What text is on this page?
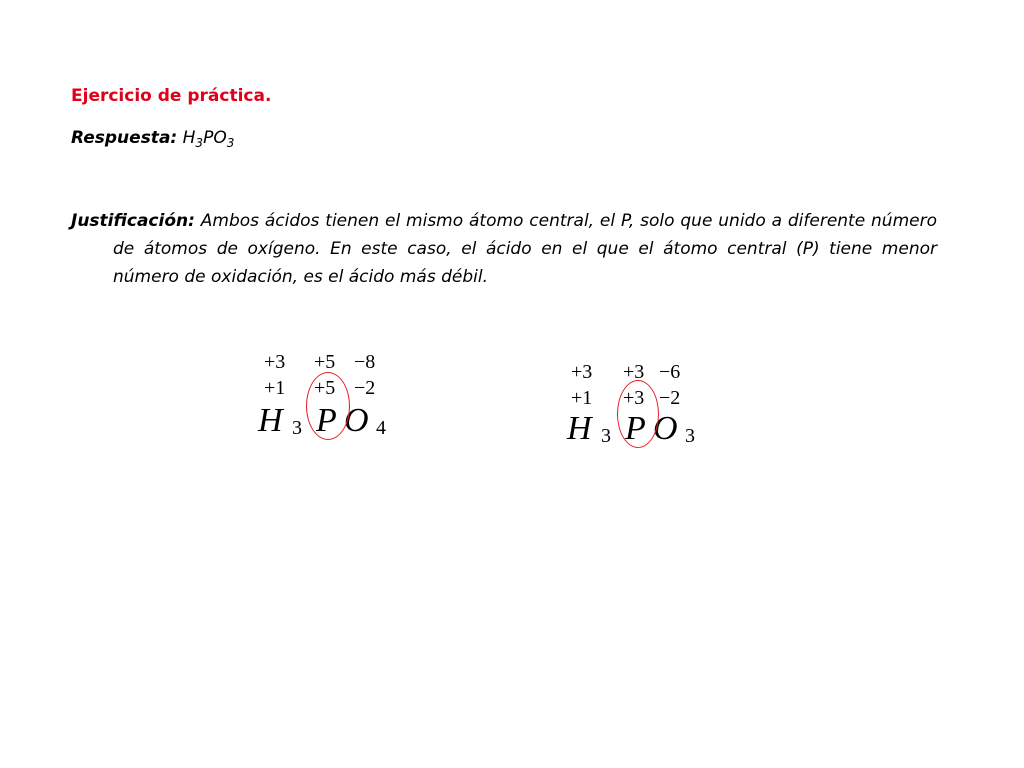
Ejercicio de práctica.
Respuesta: $H_3PO_3$
Justificación: Ambos ácidos tienen el mismo átomo central, el P, solo que unido a diferente número de átomos de oxígeno. En este caso, el ácido en el que el átomo central (P) tiene menor número de oxidación, es el ácido más débil.
+3 +5 −8
+1 +5 −2
H 3 P O 4
+3 +3 −6
+1 +3 −2
H 3 P O 3
